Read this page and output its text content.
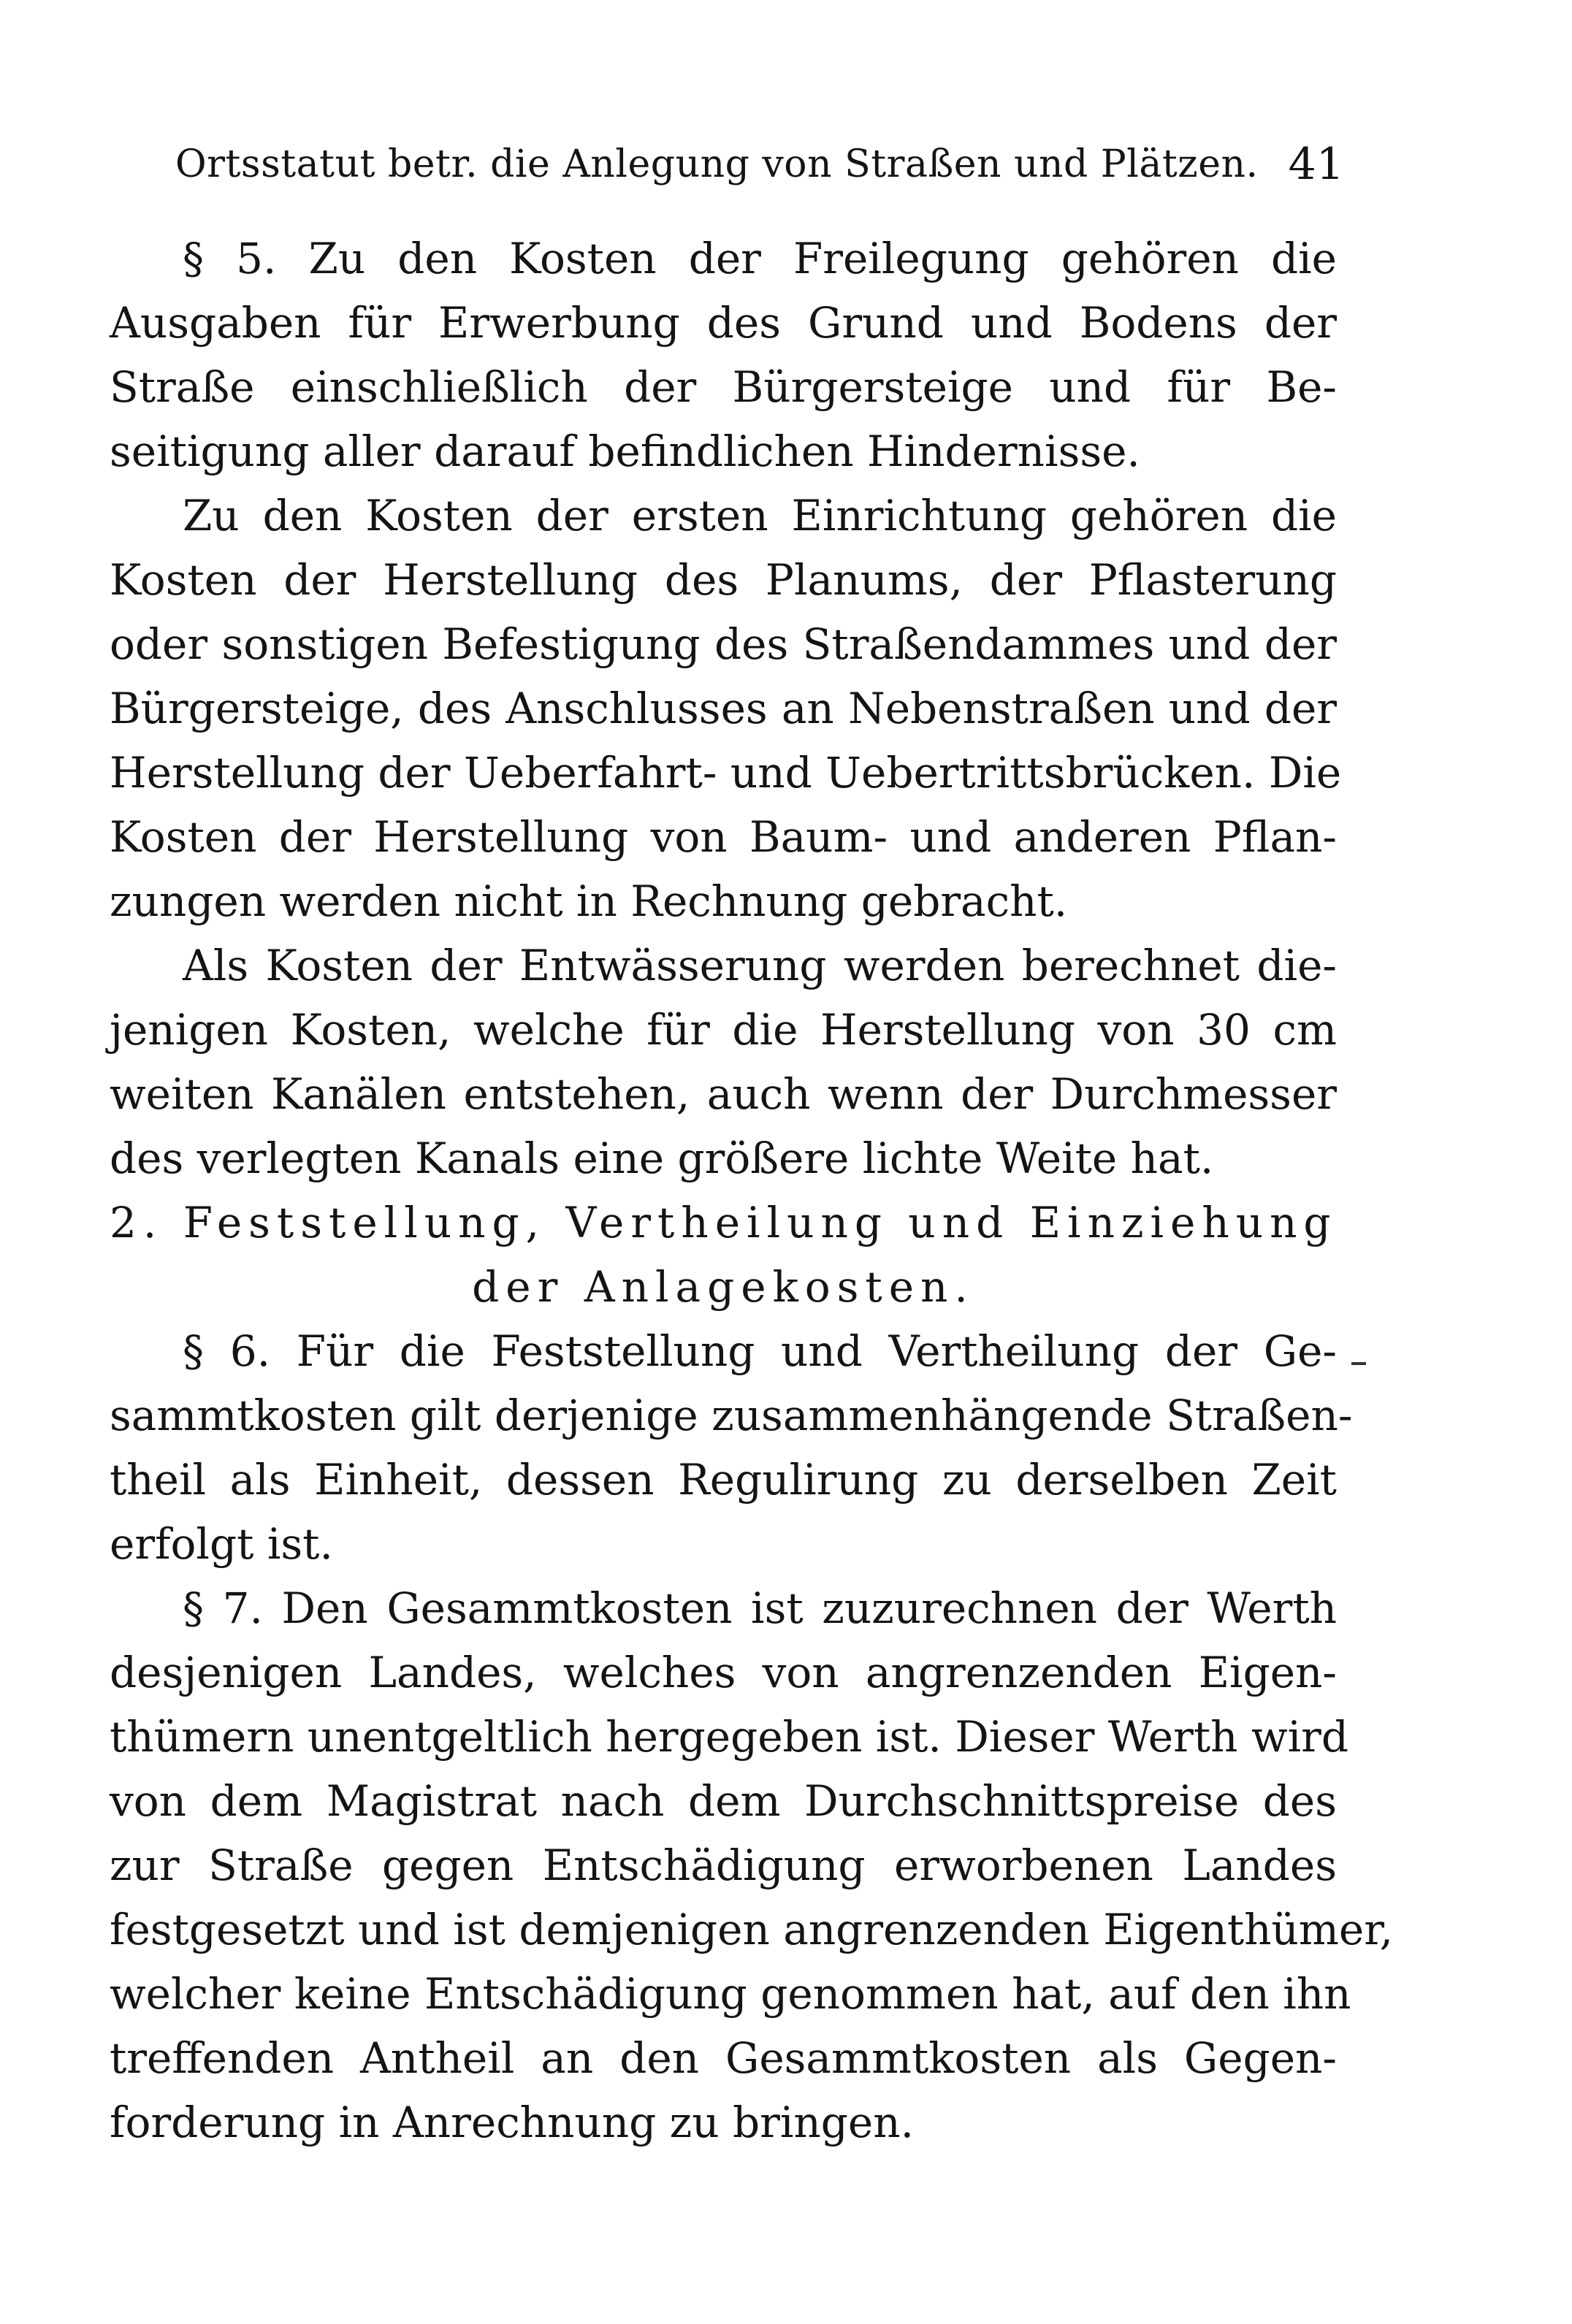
Ortsstatut betr. die Anlegung von Straßen und Plätzen. 41
§ 5. Zu den Kosten der Freilegung gehören die
Ausgaben für Erwerbung des Grund und Bodens der
Straße einschließlich der Bürgersteige und für Be-
seitigung aller darauf befindlichen Hindernisse.
Zu den Kosten der ersten Einrichtung gehören die
Kosten der Herstellung des Planums, der Pflasterung
oder sonstigen Befestigung des Straßendammes und der
Bürgersteige, des Anschlusses an Nebenstraßen und der
Herstellung der Ueberfahrt- und Uebertrittsbrücken. Die
Kosten der Herstellung von Baum- und anderen Pflan-
zungen werden nicht in Rechnung gebracht.
Als Kosten der Entwässerung werden berechnet die-
jenigen Kosten, welche für die Herstellung von 30 cm
weiten Kanälen entstehen, auch wenn der Durchmesser
des verlegten Kanals eine größere lichte Weite hat.
2. Feststellung, Vertheilung und Einziehung
der Anlagekosten.
§ 6. Für die Feststellung und Vertheilung der Ge-
sammtkosten gilt derjenige zusammenhängende Straßen-
theil als Einheit, dessen Regulirung zu derselben Zeit
erfolgt ist.
§ 7. Den Gesammtkosten ist zuzurechnen der Werth
desjenigen Landes, welches von angrenzenden Eigen-
thümern unentgeltlich hergegeben ist. Dieser Werth wird
von dem Magistrat nach dem Durchschnittspreise des
zur Straße gegen Entschädigung erworbenen Landes
festgesetzt und ist demjenigen angrenzenden Eigenthümer,
welcher keine Entschädigung genommen hat, auf den ihn
treffenden Antheil an den Gesammtkosten als Gegen-
forderung in Anrechnung zu bringen.
